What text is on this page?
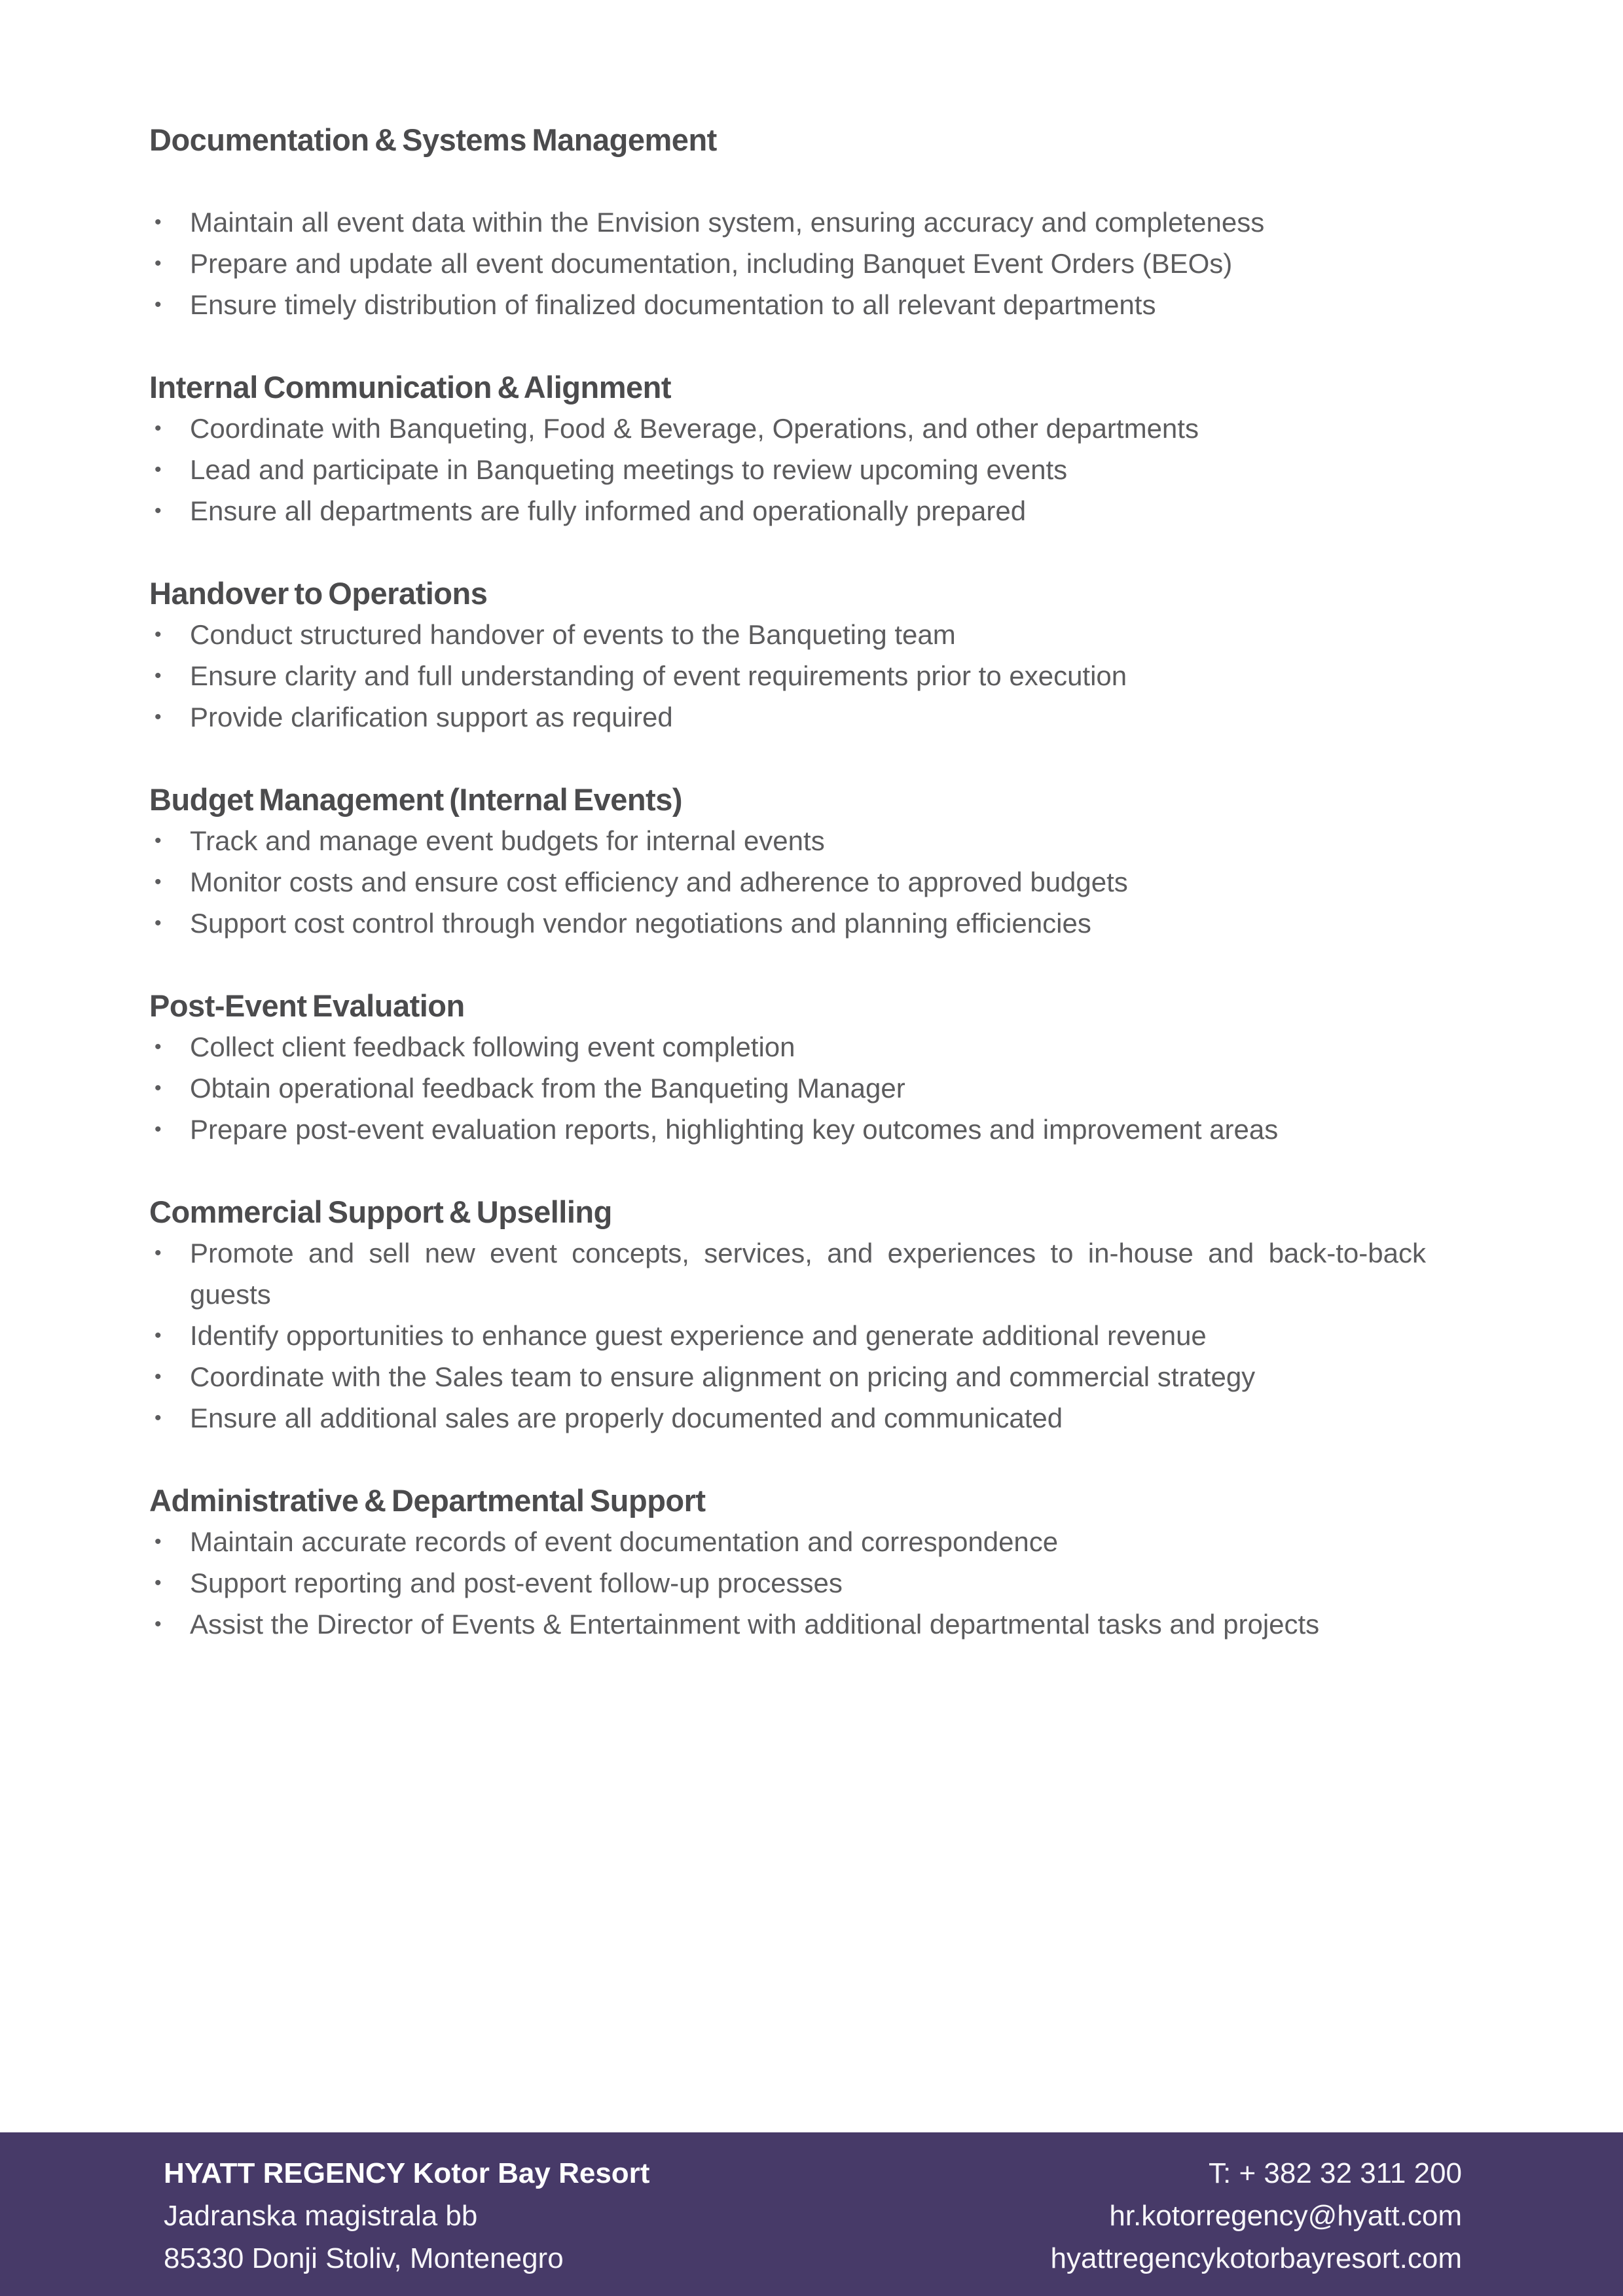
Documentation & Systems Management
•
Maintain all event data within the Envision system, ensuring accuracy and completeness
•
Prepare and update all event documentation, including Banquet Event Orders (BEOs)
•
Ensure timely distribution of finalized documentation to all relevant departments
Internal Communication & Alignment
•
Coordinate with Banqueting, Food & Beverage, Operations, and other departments
•
Lead and participate in Banqueting meetings to review upcoming events
•
Ensure all departments are fully informed and operationally prepared
Handover to Operations
•
Conduct structured handover of events to the Banqueting team
•
Ensure clarity and full understanding of event requirements prior to execution
•
Provide clarification support as required
Budget Management (Internal Events)
•
Track and manage event budgets for internal events
•
Monitor costs and ensure cost efficiency and adherence to approved budgets
•
Support cost control through vendor negotiations and planning efficiencies
Post-Event Evaluation
•
Collect client feedback following event completion
•
Obtain operational feedback from the Banqueting Manager
•
Prepare post-event evaluation reports, highlighting key outcomes and improvement areas
Commercial Support & Upselling
•
Promote and sell new event concepts, services, and experiences to in-house and back-to-back guests
•
Identify opportunities to enhance guest experience and generate additional revenue
•
Coordinate with the Sales team to ensure alignment on pricing and commercial strategy
•
Ensure all additional sales are properly documented and communicated
Administrative & Departmental Support
•
Maintain accurate records of event documentation and correspondence
•
Support reporting and post-event follow-up processes
•
Assist the Director of Events & Entertainment with additional departmental tasks and projects
HYATT REGENCY Kotor Bay Resort
Jadranska magistrala bb
85330 Donji Stoliv, Montenegro
T: + 382 32 311 200
hr.kotorregency@hyatt.com
hyattregencykotorbayresort.com
